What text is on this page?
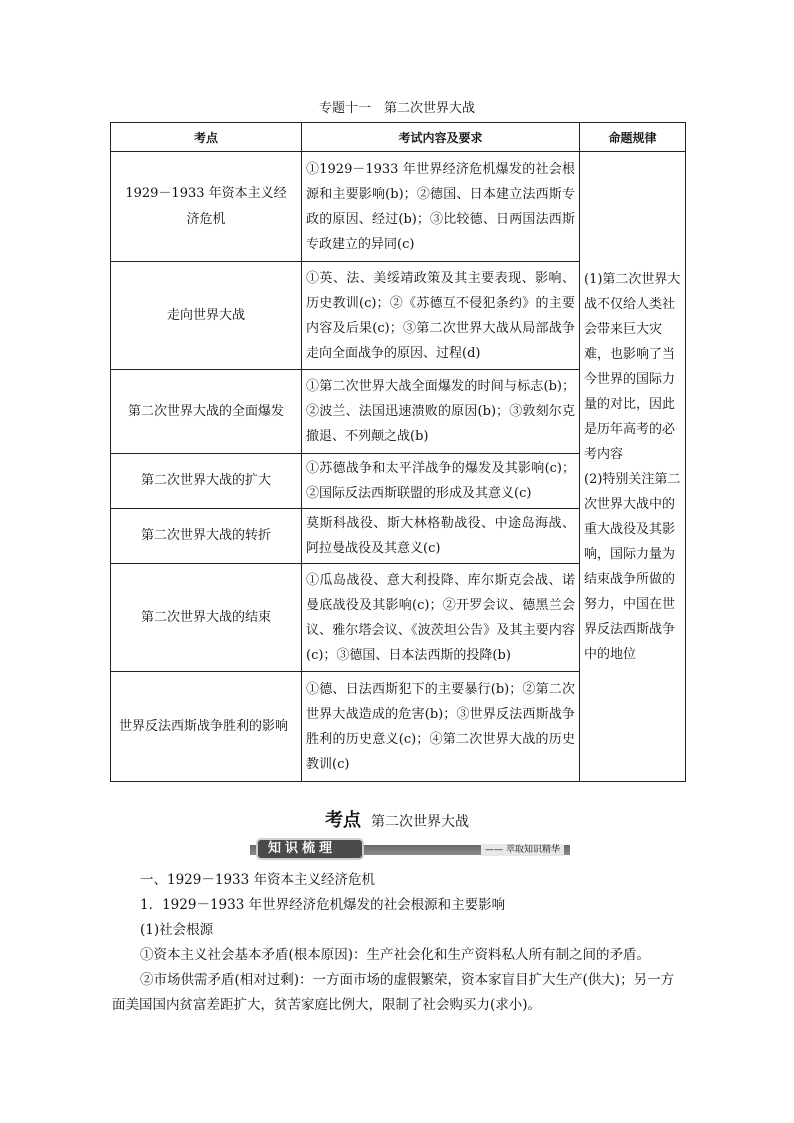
专题十一　第二次世界大战
考点	考试内容及要求	命题规律
1929－1933 年资本主义经济危机	①1929－1933 年世界经济危机爆发的社会根源和主要影响(b)；②德国、日本建立法西斯专政的原因、经过(b)；③比较德、日两国法西斯专政建立的异同(c)	(1)第二次世界大战不仅给人类社会带来巨大灾难，也影响了当今世界的国际力量的对比，因此是历年高考的必考内容
(2)特别关注第二次世界大战中的重大战役及其影响，国际力量为结束战争所做的努力，中国在世界反法西斯战争中的地位
走向世界大战	①英、法、美绥靖政策及其主要表现、影响、历史教训(c)；②《苏德互不侵犯条约》的主要内容及后果(c)；③第二次世界大战从局部战争走向全面战争的原因、过程(d)	
第二次世界大战的全面爆发	①第二次世界大战全面爆发的时间与标志(b)；②波兰、法国迅速溃败的原因(b)；③敦刻尔克撤退、不列颠之战(b)	
第二次世界大战的扩大	①苏德战争和太平洋战争的爆发及其影响(c)；②国际反法西斯联盟的形成及其意义(c)	
第二次世界大战的转折	莫斯科战役、斯大林格勒战役、中途岛海战、阿拉曼战役及其意义(c)	
第二次世界大战的结束	①瓜岛战役、意大利投降、库尔斯克会战、诺曼底战役及其影响(c)；②开罗会议、德黑兰会议、雅尔塔会议、《波茨坦公告》及其主要内容(c)；③德国、日本法西斯的投降(b)	
世界反法西斯战争胜利的影响	①德、日法西斯犯下的主要暴行(b)；②第二次世界大战造成的危害(b)；③世界反法西斯战争胜利的历史意义(c)；④第二次世界大战的历史教训(c)	
考点 第二次世界大战
知识梳理	—— 萃取知识精华

一、1929－1933 年资本主义经济危机

1．1929－1933 年世界经济危机爆发的社会根源和主要影响

(1)社会根源

①资本主义社会基本矛盾(根本原因)：生产社会化和生产资料私人所有制之间的矛盾。

②市场供需矛盾(相对过剩)：一方面市场的虚假繁荣，资本家盲目扩大生产(供大)；另一方面美国国内贫富差距扩大，贫苦家庭比例大，限制了社会购买力(求小)。
